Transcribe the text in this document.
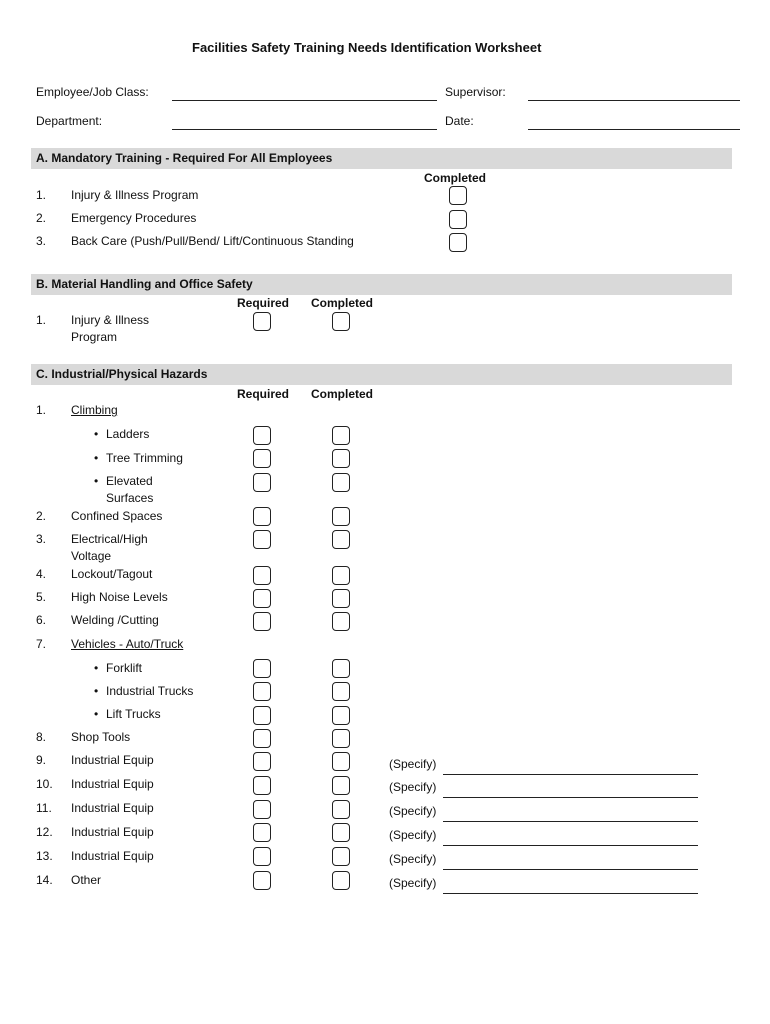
Facilities Safety Training Needs Identification Worksheet
Employee/Job Class:	Supervisor:
Department:	Date:
A. Mandatory Training - Required For All Employees
Completed
1. Injury & Illness Program
2. Emergency Procedures
3. Back Care (Push/Pull/Bend/ Lift/Continuous Standing
B. Material Handling and Office Safety
Required Completed
1. Injury & Illness Program
C. Industrial/Physical Hazards
Required Completed
1. Climbing
• Ladders
• Tree Trimming
• Elevated Surfaces
2. Confined Spaces
3. Electrical/High Voltage
4. Lockout/Tagout
5. High Noise Levels
6. Welding /Cutting
7. Vehicles - Auto/Truck
• Forklift
• Industrial Trucks
• Lift Trucks
8. Shop Tools
9. Industrial Equip	(Specify)
10. Industrial Equip	(Specify)
11. Industrial Equip	(Specify)
12. Industrial Equip	(Specify)
13. Industrial Equip	(Specify)
14. Other	(Specify)
